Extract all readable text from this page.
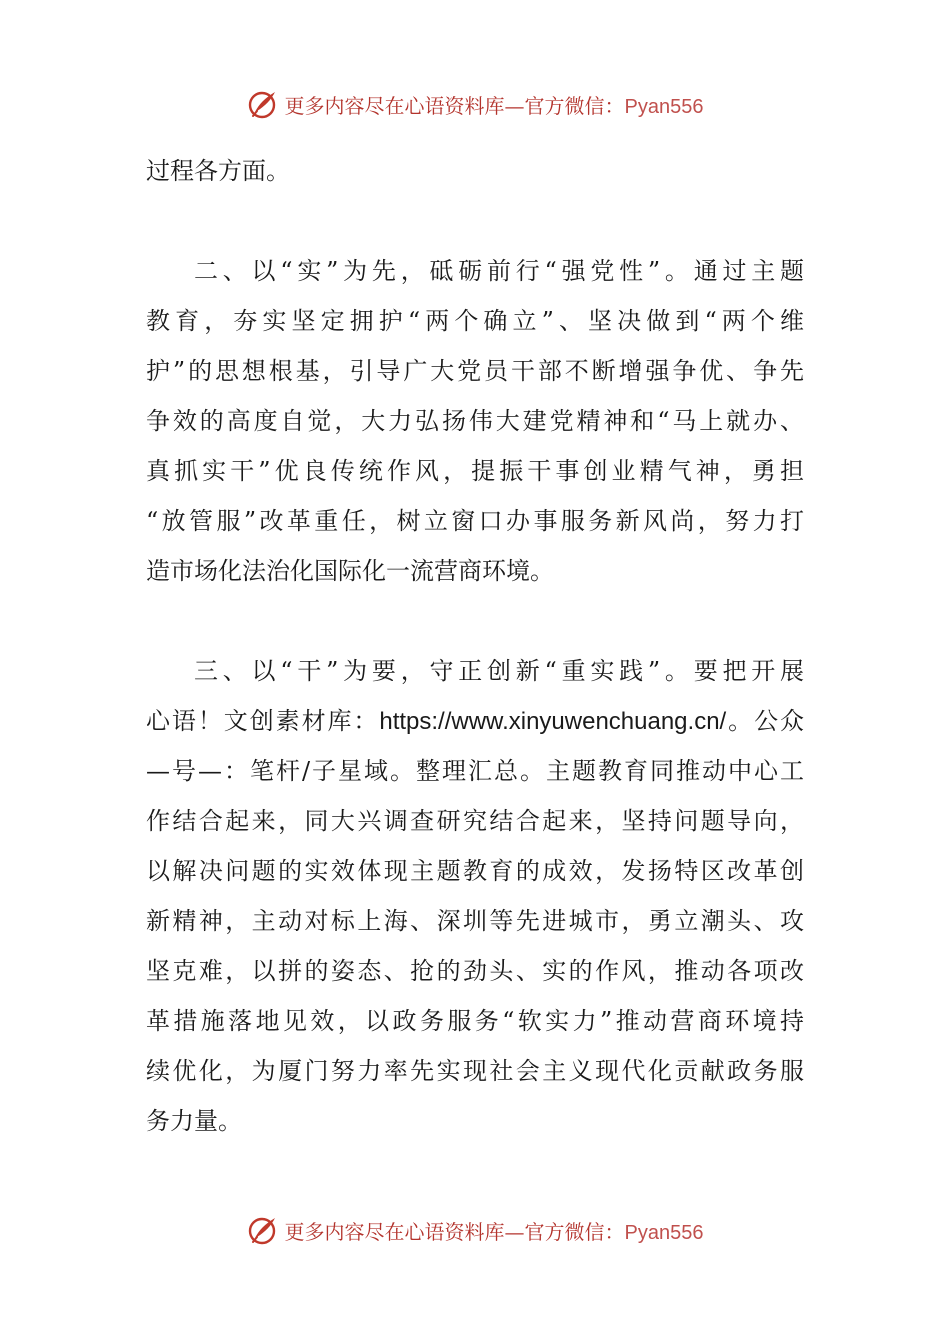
更多内容尽在心语资料库—官方微信：Pyan556
过程各方面。
二、以“实”为先，砥砺前行“强党性”。通过主题
教育，夯实坚定拥护“两个确立”、坚决做到“两个维
护”的思想根基，引导广大党员干部不断增强争优、争先
争效的高度自觉，大力弘扬伟大建党精神和“马上就办、
真抓实干”优良传统作风，提振干事创业精气神，勇担
“放管服”改革重任，树立窗口办事服务新风尚，努力打
造市场化法治化国际化一流营商环境。
三、以“干”为要，守正创新“重实践”。要把开展
心语！文创素材库：https://www.xinyuwenchuang.cn/。公众
—号—：笔杆/子星域。整理汇总。主题教育同推动中心工
作结合起来，同大兴调查研究结合起来，坚持问题导向，
以解决问题的实效体现主题教育的成效，发扬特区改革创
新精神，主动对标上海、深圳等先进城市，勇立潮头、攻
坚克难，以拼的姿态、抢的劲头、实的作风，推动各项改
革措施落地见效，以政务服务“软实力”推动营商环境持
续优化，为厦门努力率先实现社会主义现代化贡献政务服
务力量。
更多内容尽在心语资料库—官方微信：Pyan556
